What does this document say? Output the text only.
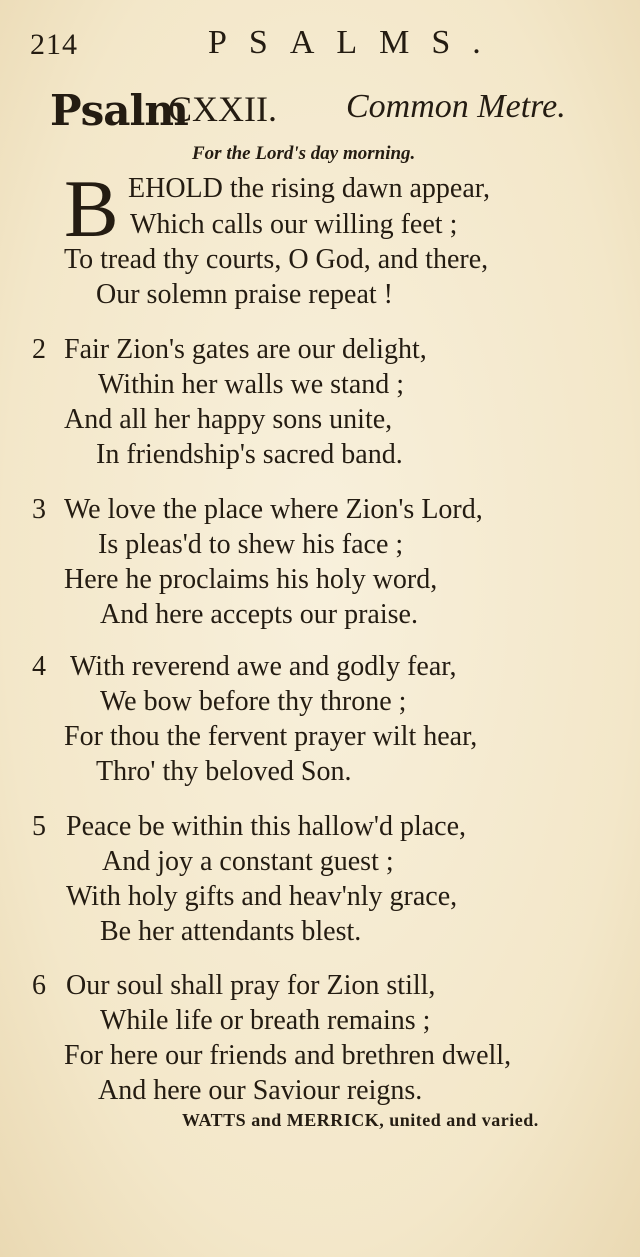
214	PSALMS.
Psalm
CXXII. Common Metre.
For the Lord's day morning.
B EHOLD the rising dawn appear,
Which calls our willing feet ;
To tread thy courts, O God, and there,
Our solemn praise repeat !
2 Fair Zion's gates are our delight,
Within her walls we stand ;
And all her happy sons unite,
In friendship's sacred band.
3 We love the place where Zion's Lord,
Is pleas'd to shew his face ;
Here he proclaims his holy word,
And here accepts our praise.
4 With reverend awe and godly fear,
We bow before thy throne ;
For thou the fervent prayer wilt hear,
Thro' thy beloved Son.
5 Peace be within this hallow'd place,
And joy a constant guest ;
With holy gifts and heav'nly grace,
Be her attendants blest.
6 Our soul shall pray for Zion still,
While life or breath remains ;
For here our friends and brethren dwell,
And here our Saviour reigns.
WATTS and MERRICK, united and varied.
